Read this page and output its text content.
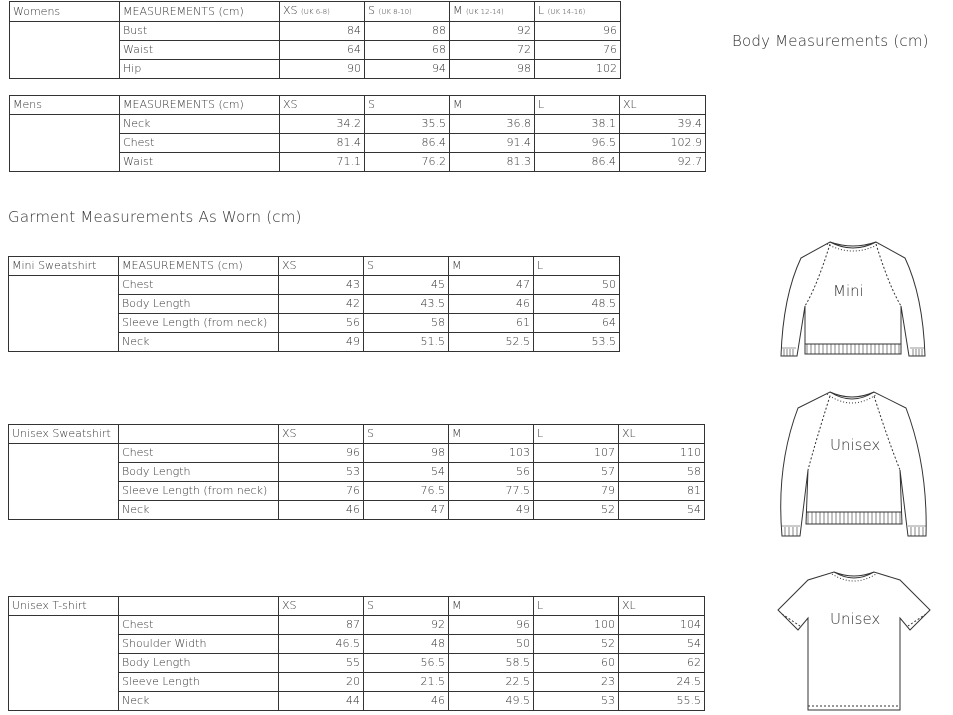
Body Measurements (cm)
Garment Measurements As Worn (cm)
Womens	MEASUREMENTS (cm)	XS (UK 6-8)	S (UK 8-10)	M (UK 12-14)	L (UK 14-16)
	Bust	84	88	92	96
	Waist	64	68	72	76
	Hip	90	94	98	102
Mens	MEASUREMENTS (cm)	XS	S	M	L	XL
	Neck	34.2	35.5	36.8	38.1	39.4
	Chest	81.4	86.4	91.4	96.5	102.9
	Waist	71.1	76.2	81.3	86.4	92.7
Mini Sweatshirt	MEASUREMENTS (cm)	XS	S	M	L
	Chest	43	45	47	50
	Body Length	42	43.5	46	48.5
	Sleeve Length (from neck)	56	58	61	64
	Neck	49	51.5	52.5	53.5
Unisex Sweatshirt		XS	S	M	L	XL
	Chest	96	98	103	107	110
	Body Length	53	54	56	57	58
	Sleeve Length (from neck)	76	76.5	77.5	79	81
	Neck	46	47	49	52	54
Unisex T-shirt		XS	S	M	L	XL
	Chest	87	92	96	100	104
	Shoulder Width	46.5	48	50	52	54
	Body Length	55	56.5	58.5	60	62
	Sleeve Length	20	21.5	22.5	23	24.5
	Neck	44	46	49.5	53	55.5
Mini
Unisex
Unisex
